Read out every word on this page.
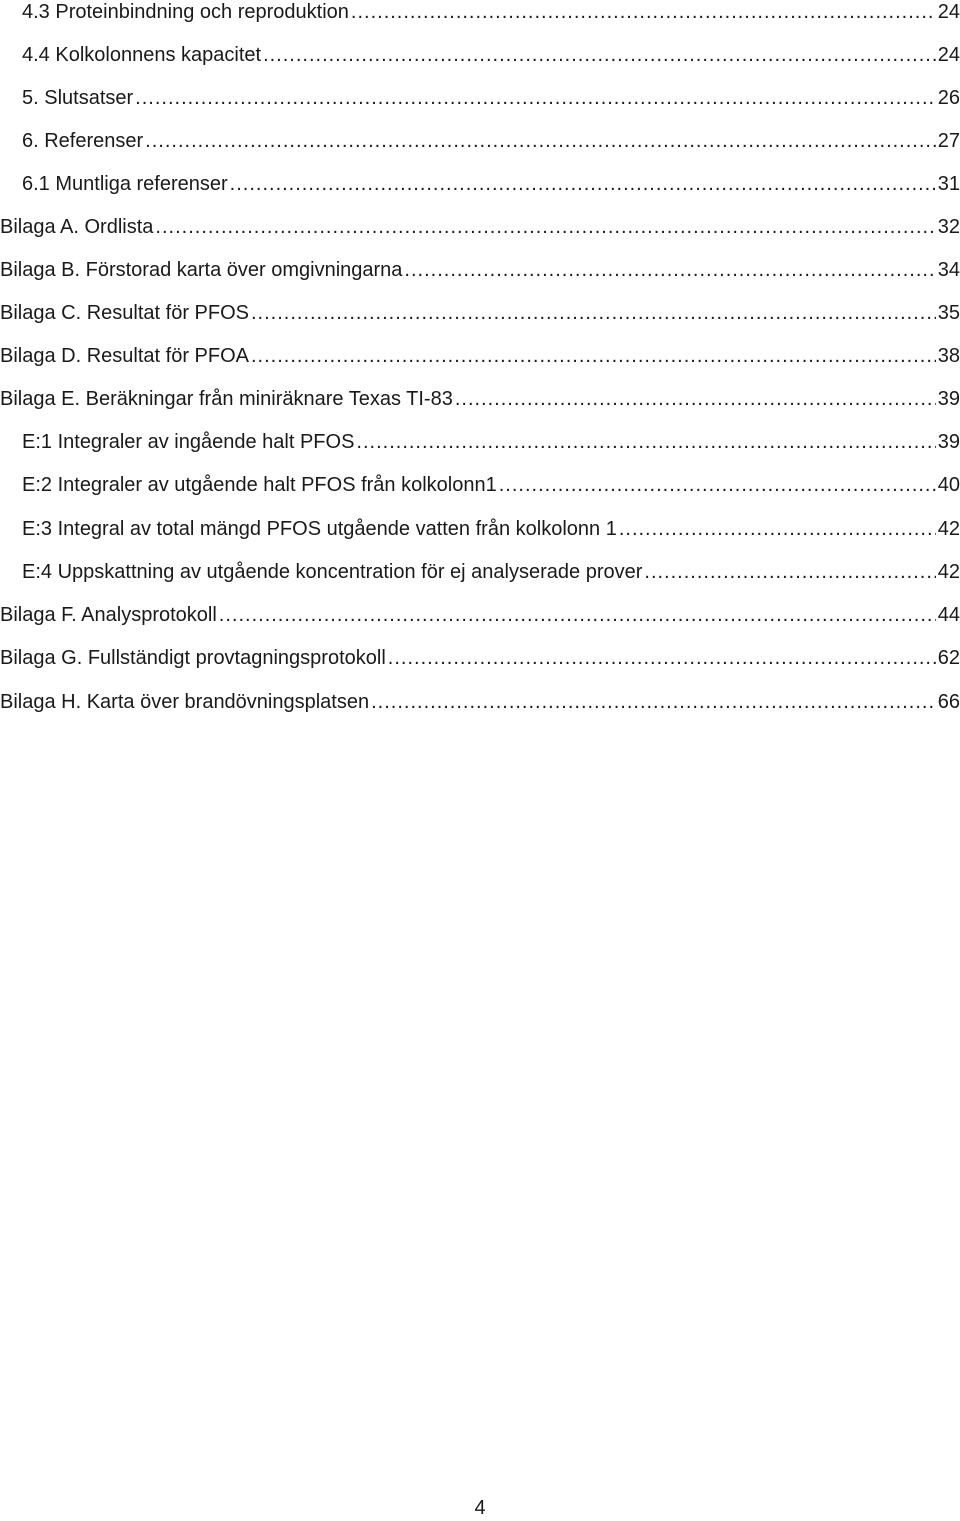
4.3 Proteinbindning och reproduktion .....	24
4.4 Kolkolonnens kapacitet .....	24
5. Slutsatser .....	26
6. Referenser .....	27
6.1 Muntliga referenser .....	31
Bilaga A. Ordlista .....	32
Bilaga B. Förstorad karta över omgivningarna .....	34
Bilaga C. Resultat för PFOS .....	35
Bilaga D. Resultat för PFOA .....	38
Bilaga E. Beräkningar från miniräknare Texas TI-83 .....	39
E:1 Integraler av ingående halt PFOS .....	39
E:2 Integraler av utgående halt PFOS från kolkolonn1 .....	40
E:3 Integral av total mängd PFOS utgående vatten från kolkolonn 1 .....	42
E:4 Uppskattning av utgående koncentration för ej analyserade prover .....	42
Bilaga F. Analysprotokoll .....	44
Bilaga G. Fullständigt provtagningsprotokoll .....	62
Bilaga H. Karta över brandövningsplatsen .....	66
4
